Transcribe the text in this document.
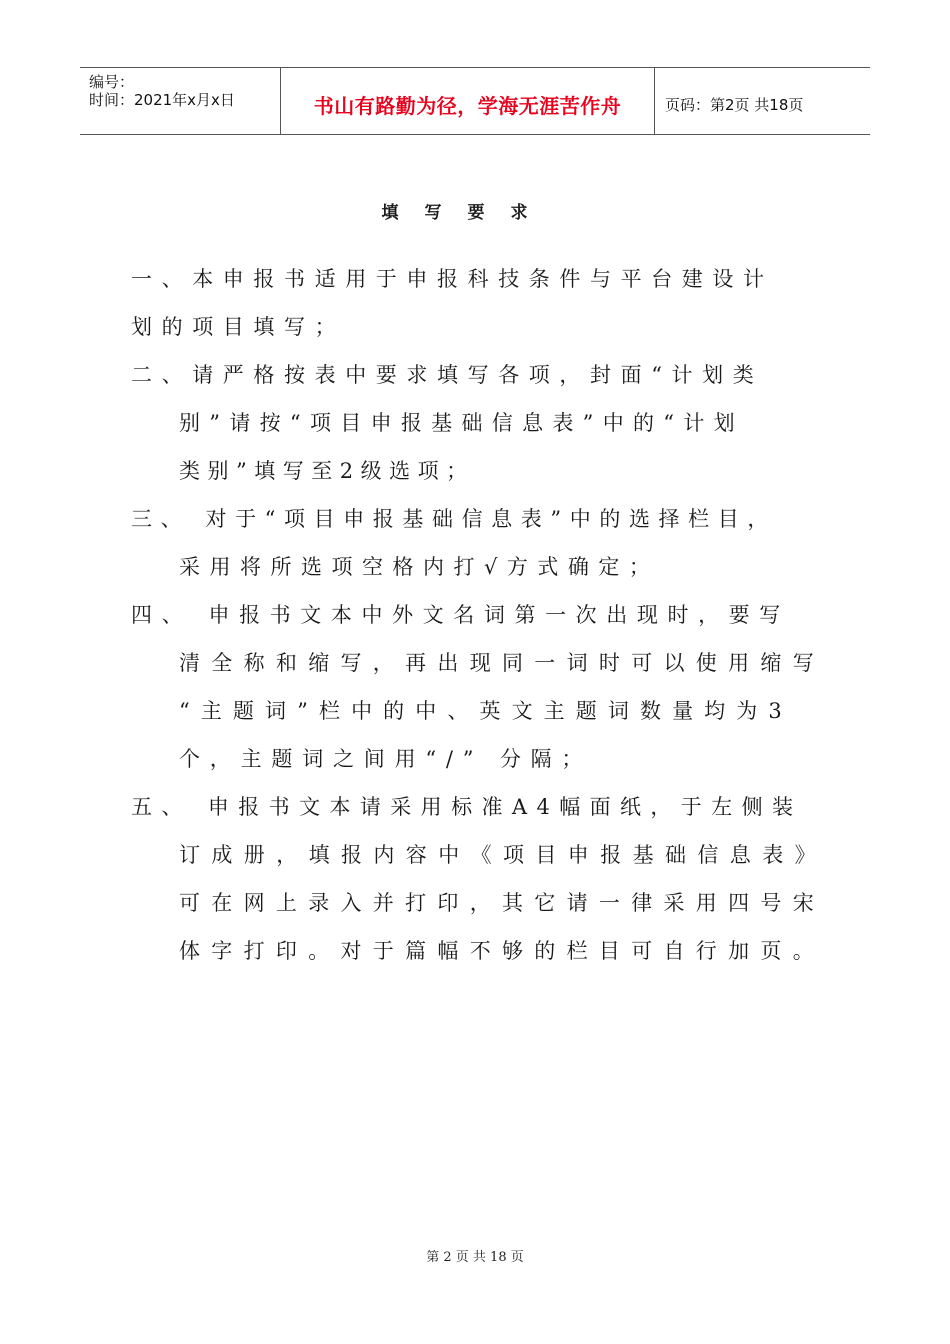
编号：
时间：2021年x月x日	书山有路勤为径，学海无涯苦作舟	页码：第2页 共18页
填写要求
一、本申报书适用于申报科技条件与平台建设计
划的项目填写；
二、请严格按表中要求填写各项，封面“计划类
别”请按“项目申报基础信息表”中的“计划
类别”填写至2级选项；
三、 对于“项目申报基础信息表”中的选择栏目，
采用将所选项空格内打√方式确定；
四、 申报书文本中外文名词第一次出现时，要写
清全称和缩写，再出现同一词时可以使用缩写
“主题词”栏中的中、英文主题词数量均为3
个，主题词之间用“/” 分隔；
五、 申报书文本请采用标准A4幅面纸，于左侧装
订成册，填报内容中《项目申报基础信息表》
可在网上录入并打印，其它请一律采用四号宋
体字打印。对于篇幅不够的栏目可自行加页。
第 2 页 共 18 页
